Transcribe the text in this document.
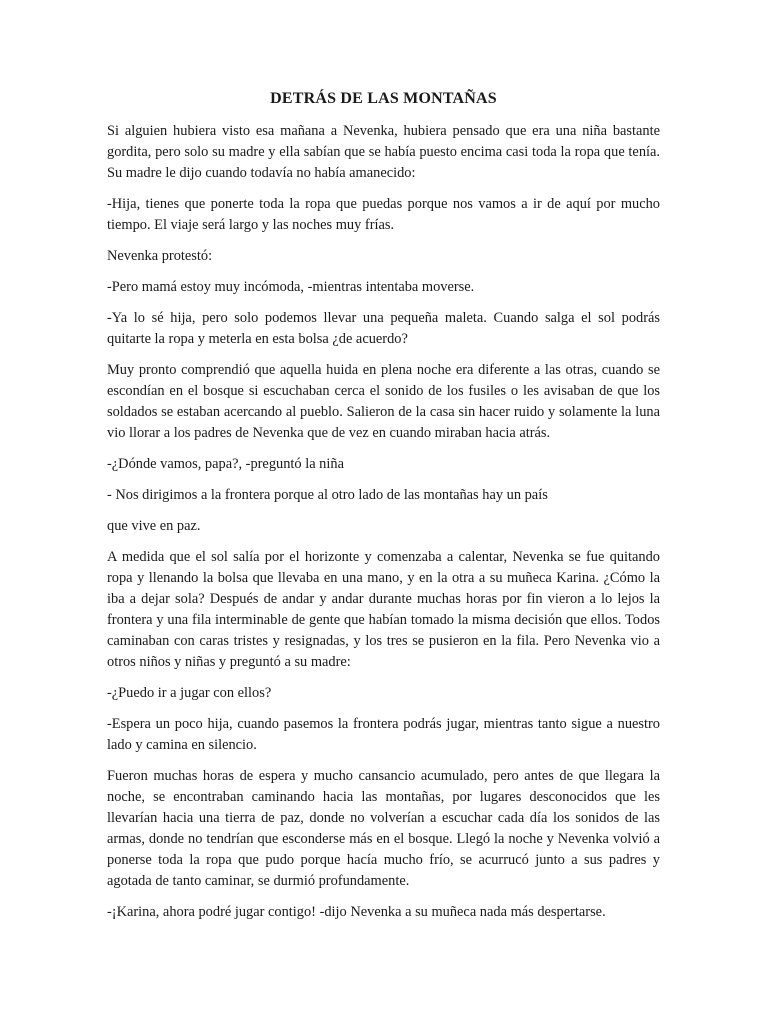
DETRÁS DE LAS MONTAÑAS

Si alguien hubiera visto esa mañana a Nevenka, hubiera pensado que era una niña bastante gordita, pero solo su madre y ella sabían que se había puesto encima casi toda la ropa que tenía. Su madre le dijo cuando todavía no había amanecido:

-Hija, tienes que ponerte toda la ropa que puedas porque nos vamos a ir de aquí por mucho tiempo. El viaje será largo y las noches muy frías.

Nevenka protestó:

-Pero mamá estoy muy incómoda, -mientras intentaba moverse.

-Ya lo sé hija, pero solo podemos llevar una pequeña maleta. Cuando salga el sol podrás quitarte la ropa y meterla en esta bolsa ¿de acuerdo?

Muy pronto comprendió que aquella huida en plena noche era diferente a las otras, cuando se escondían en el bosque si escuchaban cerca el sonido de los fusiles o les avisaban de que los soldados se estaban acercando al pueblo. Salieron de la casa sin hacer ruido y solamente la luna vio llorar a los padres de Nevenka que de vez en cuando miraban hacia atrás.

-¿Dónde vamos, papa?, -preguntó la niña

- Nos dirigimos a la frontera porque al otro lado de las montañas hay un país

que vive en paz.

A medida que el sol salía por el horizonte y comenzaba a calentar, Nevenka se fue quitando ropa y llenando la bolsa que llevaba en una mano, y en la otra a su muñeca Karina. ¿Cómo la iba a dejar sola? Después de andar y andar durante muchas horas por fin vieron a lo lejos la frontera y una fila interminable de gente que habían tomado la misma decisión que ellos. Todos caminaban con caras tristes y resignadas, y los tres se pusieron en la fila. Pero Nevenka vio a otros niños y niñas y preguntó a su madre:

-¿Puedo ir a jugar con ellos?

-Espera un poco hija, cuando pasemos la frontera podrás jugar, mientras tanto sigue a nuestro lado y camina en silencio.

Fueron muchas horas de espera y mucho cansancio acumulado, pero antes de que llegara la noche, se encontraban caminando hacia las montañas, por lugares desconocidos que les llevarían hacia una tierra de paz, donde no volverían a escuchar cada día los sonidos de las armas, donde no tendrían que esconderse más en el bosque. Llegó la noche y Nevenka volvió a ponerse toda la ropa que pudo porque hacía mucho frío, se acurrucó junto a sus padres y agotada de tanto caminar, se durmió profundamente.

-¡Karina, ahora podré jugar contigo! -dijo Nevenka a su muñeca nada más despertarse.
